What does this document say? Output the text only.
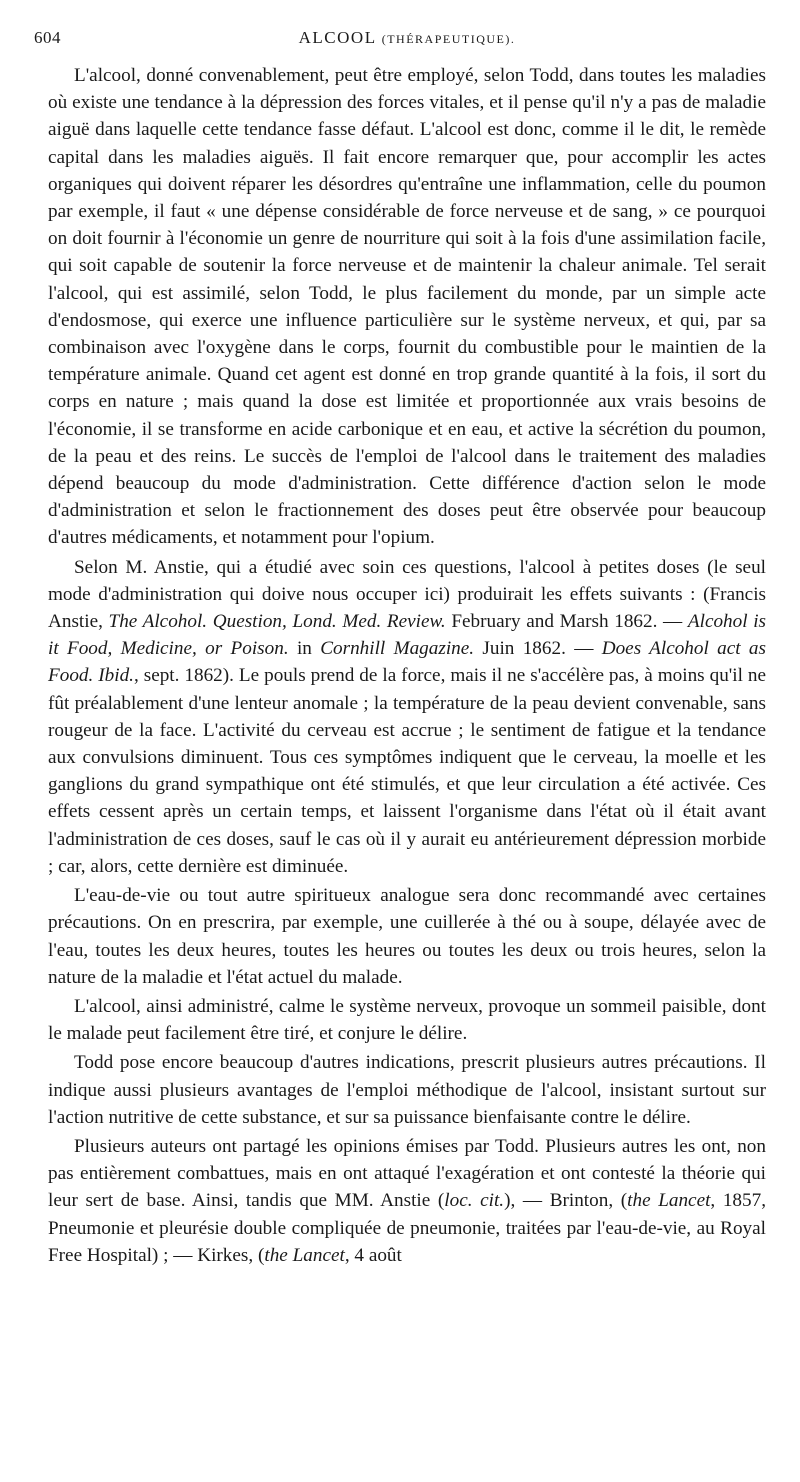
604	ALCOOL (THÉRAPEUTIQUE).

L'alcool, donné convenablement, peut être employé, selon Todd, dans toutes les maladies où existe une tendance à la dépression des forces vitales, et il pense qu'il n'y a pas de maladie aiguë dans laquelle cette tendance fasse défaut. L'alcool est donc, comme il le dit, le remède capital dans les maladies aiguës. Il fait encore remarquer que, pour accomplir les actes organiques qui doivent réparer les désordres qu'entraîne une inflammation, celle du poumon par exemple, il faut « une dépense considérable de force nerveuse et de sang, » ce pourquoi on doit fournir à l'économie un genre de nourriture qui soit à la fois d'une assimilation facile, qui soit capable de soutenir la force nerveuse et de maintenir la chaleur animale. Tel serait l'alcool, qui est assimilé, selon Todd, le plus facilement du monde, par un simple acte d'endosmose, qui exerce une influence particulière sur le système nerveux, et qui, par sa combinaison avec l'oxygène dans le corps, fournit du combustible pour le maintien de la température animale. Quand cet agent est donné en trop grande quantité à la fois, il sort du corps en nature ; mais quand la dose est limitée et proportionnée aux vrais besoins de l'économie, il se transforme en acide carbonique et en eau, et active la sécrétion du poumon, de la peau et des reins. Le succès de l'emploi de l'alcool dans le traitement des maladies dépend beaucoup du mode d'administration. Cette différence d'action selon le mode d'administration et selon le fractionnement des doses peut être observée pour beaucoup d'autres médicaments, et notamment pour l'opium.

Selon M. Anstie, qui a étudié avec soin ces questions, l'alcool à petites doses (le seul mode d'administration qui doive nous occuper ici) produirait les effets suivants : (Francis Anstie, The Alcohol. Question, Lond. Med. Review. February and Marsh 1862. — Alcohol is it Food, Medicine, or Poison. in Cornhill Magazine. Juin 1862. — Does Alcohol act as Food. Ibid., sept. 1862). Le pouls prend de la force, mais il ne s'accélère pas, à moins qu'il ne fût préalablement d'une lenteur anomale ; la température de la peau devient convenable, sans rougeur de la face. L'activité du cerveau est accrue ; le sentiment de fatigue et la tendance aux convulsions diminuent. Tous ces symptômes indiquent que le cerveau, la moelle et les ganglions du grand sympathique ont été stimulés, et que leur circulation a été activée. Ces effets cessent après un certain temps, et laissent l'organisme dans l'état où il était avant l'administration de ces doses, sauf le cas où il y aurait eu antérieurement dépression morbide ; car, alors, cette dernière est diminuée.

L'eau-de-vie ou tout autre spiritueux analogue sera donc recommandé avec certaines précautions. On en prescrira, par exemple, une cuillerée à thé ou à soupe, délayée avec de l'eau, toutes les deux heures, toutes les heures ou toutes les deux ou trois heures, selon la nature de la maladie et l'état actuel du malade.

L'alcool, ainsi administré, calme le système nerveux, provoque un sommeil paisible, dont le malade peut facilement être tiré, et conjure le délire.

Todd pose encore beaucoup d'autres indications, prescrit plusieurs autres précautions. Il indique aussi plusieurs avantages de l'emploi méthodique de l'alcool, insistant surtout sur l'action nutritive de cette substance, et sur sa puissance bienfaisante contre le délire.

Plusieurs auteurs ont partagé les opinions émises par Todd. Plusieurs autres les ont, non pas entièrement combattues, mais en ont attaqué l'exagération et ont contesté la théorie qui leur sert de base. Ainsi, tandis que MM. Anstie (loc. cit.), — Brinton, (the Lancet, 1857, Pneumonie et pleurésie double compliquée de pneumonie, traitées par l'eau-de-vie, au Royal Free Hospital) ; — Kirkes, (the Lancet, 4 août
